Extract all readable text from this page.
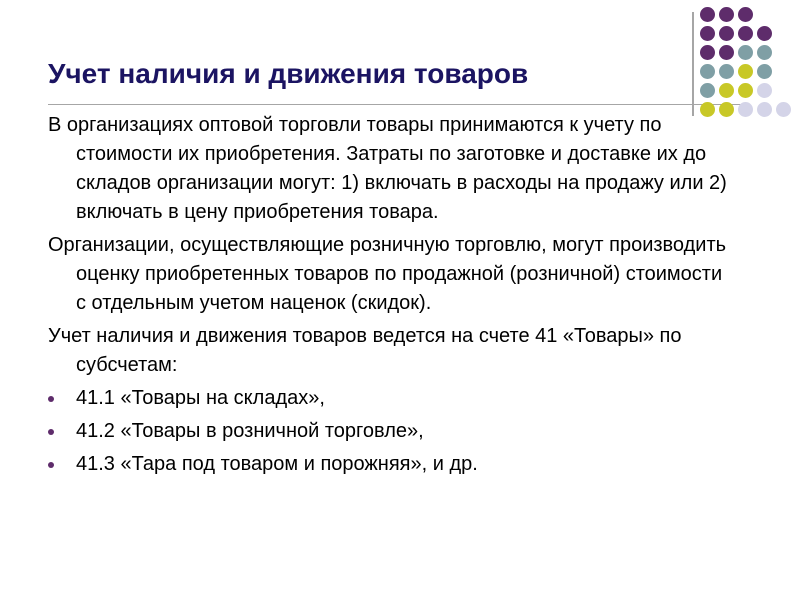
Учет наличия и движения товаров

В организациях оптовой торговли товары принимаются к учету по стоимости их приобретения. Затраты по заготовке и доставке их до складов организации могут: 1) включать в расходы на продажу или 2) включать в цену приобретения товара.

Организации, осуществляющие розничную торговлю, могут производить оценку приобретенных товаров по продажной (розничной) стоимости с отдельным учетом наценок (скидок).

Учет наличия и движения товаров ведется на счете 41 «Товары» по субсчетам:

41.1 «Товары на складах»,
41.2 «Товары в розничной торговле»,
41.3 «Тара под товаром и порожняя», и др.
